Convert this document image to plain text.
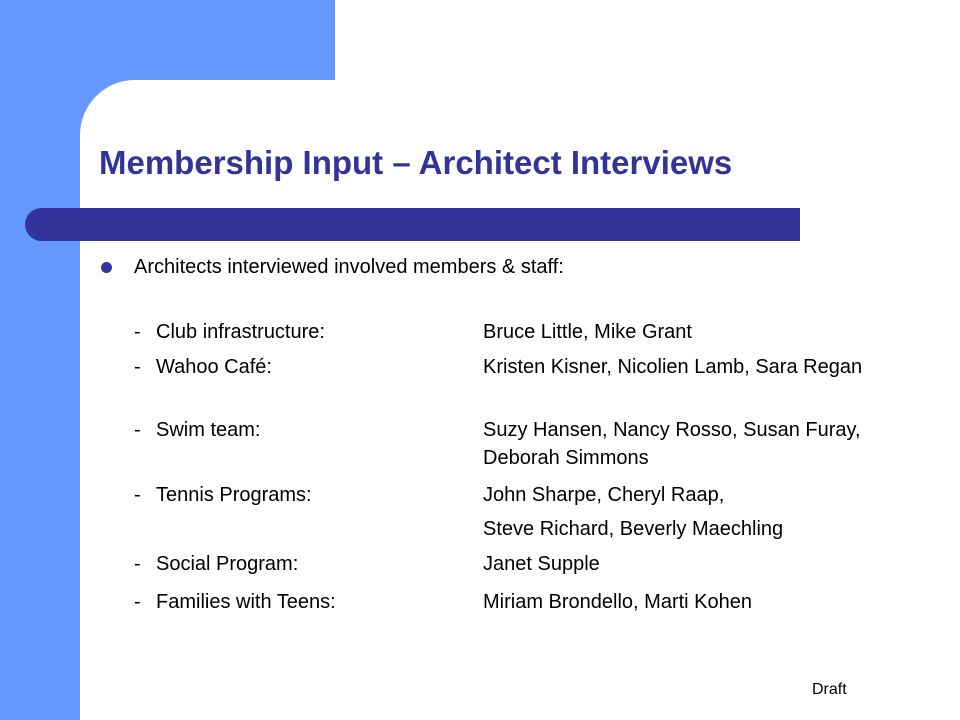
Membership Input – Architect Interviews
Architects interviewed involved members & staff:
- Club infrastructure:	Bruce Little, Mike Grant
- Wahoo Café:	Kristen Kisner, Nicolien Lamb, Sara Regan
- Swim team:	Suzy Hansen, Nancy Rosso, Susan Furay, Deborah Simmons
- Tennis Programs:	John Sharpe, Cheryl Raap,
Steve Richard, Beverly Maechling
- Social Program:	Janet Supple
- Families with Teens:	Miriam Brondello, Marti Kohen
Draft
